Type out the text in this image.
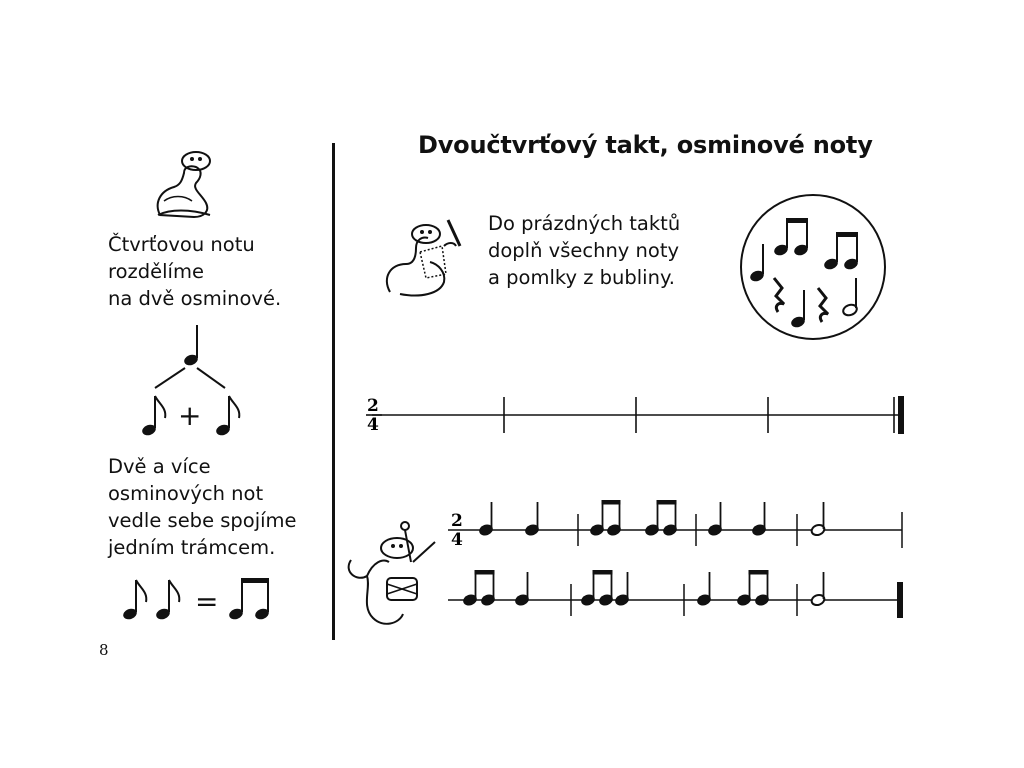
Čtvrťovou notu
rozdělíme
na dvě osminové.
+
Dvě a více
osminových not
vedle sebe spojíme
jedním trámcem.
=
8
Dvoučtvrťový takt, osminové noty
Do prázdných taktů
doplň všechny noty
a pomlky z bubliny.
2
4
2
4
